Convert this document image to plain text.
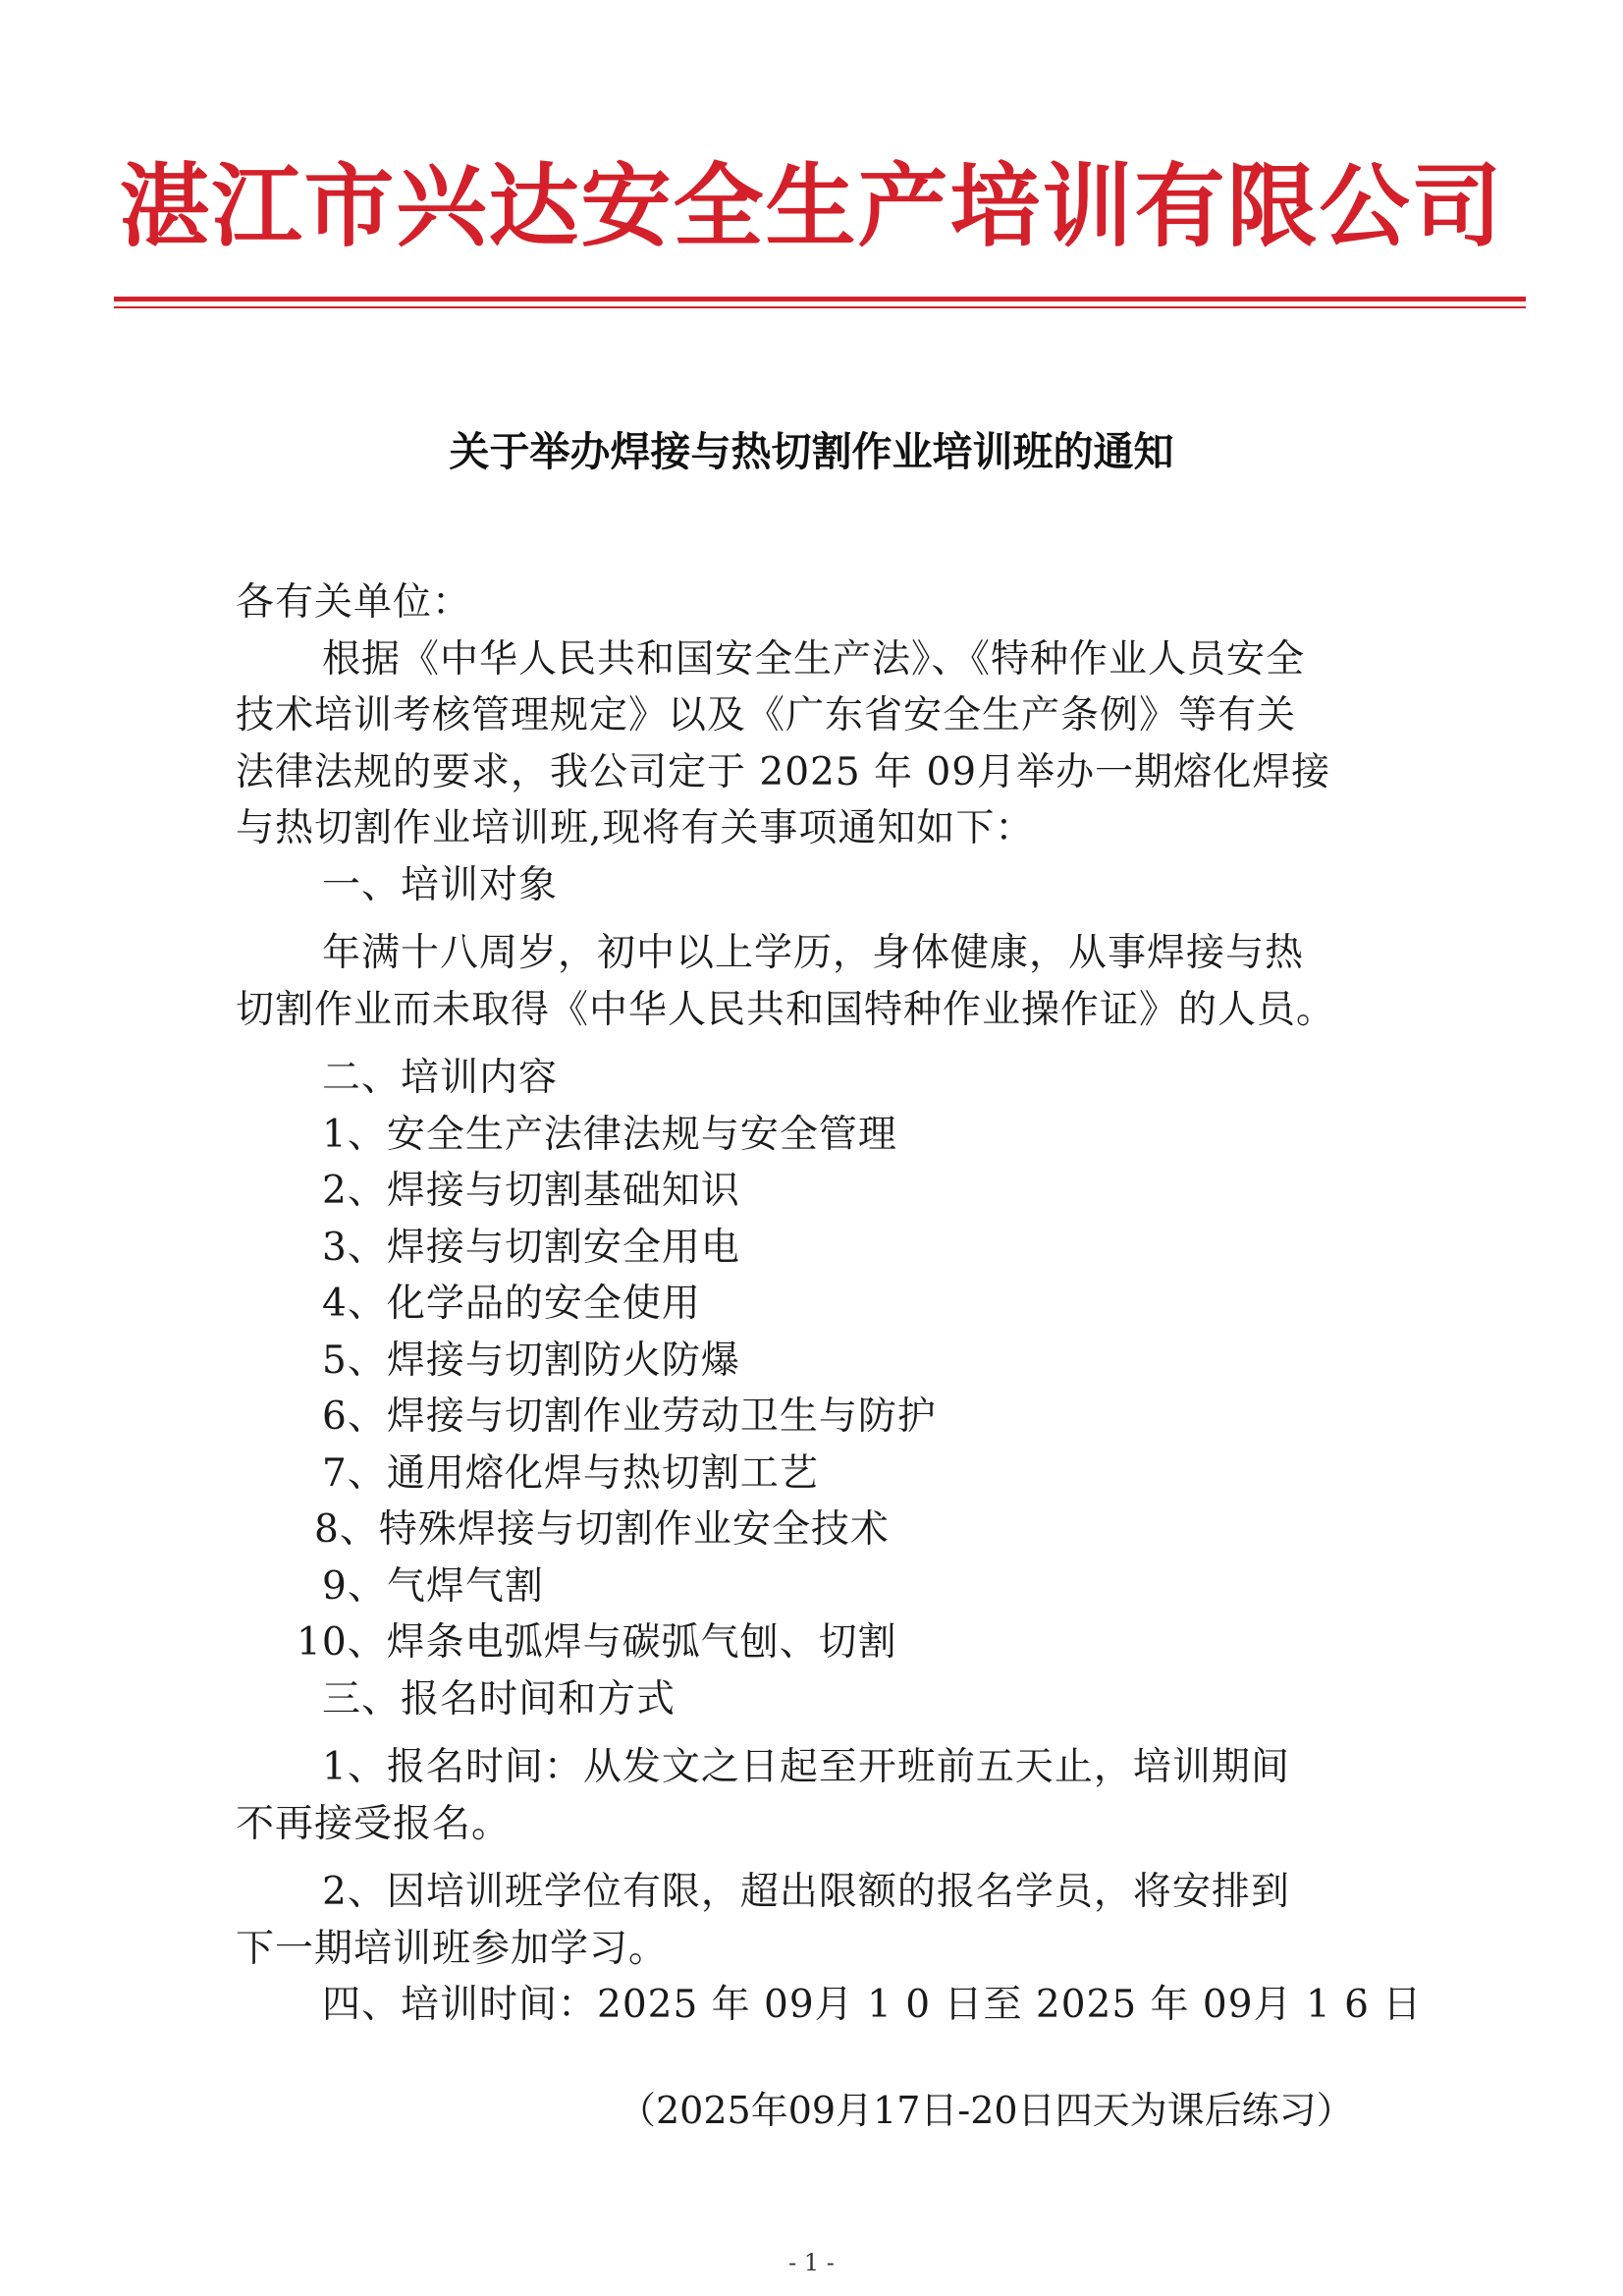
湛江市兴达安全生产培训有限公司
关于举办焊接与热切割作业培训班的通知
各有关单位：
根据《中华人民共和国安全生产法》、《特种作业人员安全
技术培训考核管理规定》以及《广东省安全生产条例》等有关
法律法规的要求，我公司定于 2025 年 09月举办一期熔化焊接
与热切割作业培训班,现将有关事项通知如下：
一、培训对象
年满十八周岁，初中以上学历，身体健康，从事焊接与热
切割作业而未取得《中华人民共和国特种作业操作证》的人员。
二、培训内容
1、安全生产法律法规与安全管理
2、焊接与切割基础知识
3、焊接与切割安全用电
4、化学品的安全使用
5、焊接与切割防火防爆
6、焊接与切割作业劳动卫生与防护
7、通用熔化焊与热切割工艺
8、特殊焊接与切割作业安全技术
9、气焊气割
10、焊条电弧焊与碳弧气刨、切割
三、报名时间和方式
1、报名时间：从发文之日起至开班前五天止，培训期间
不再接受报名。
2、因培训班学位有限，超出限额的报名学员，将安排到
下一期培训班参加学习。
四、培训时间：2025 年 09月 1 0 日至 2025 年 09月 1 6 日
（2025年09月17日-20日四天为课后练习）
- 1 -
